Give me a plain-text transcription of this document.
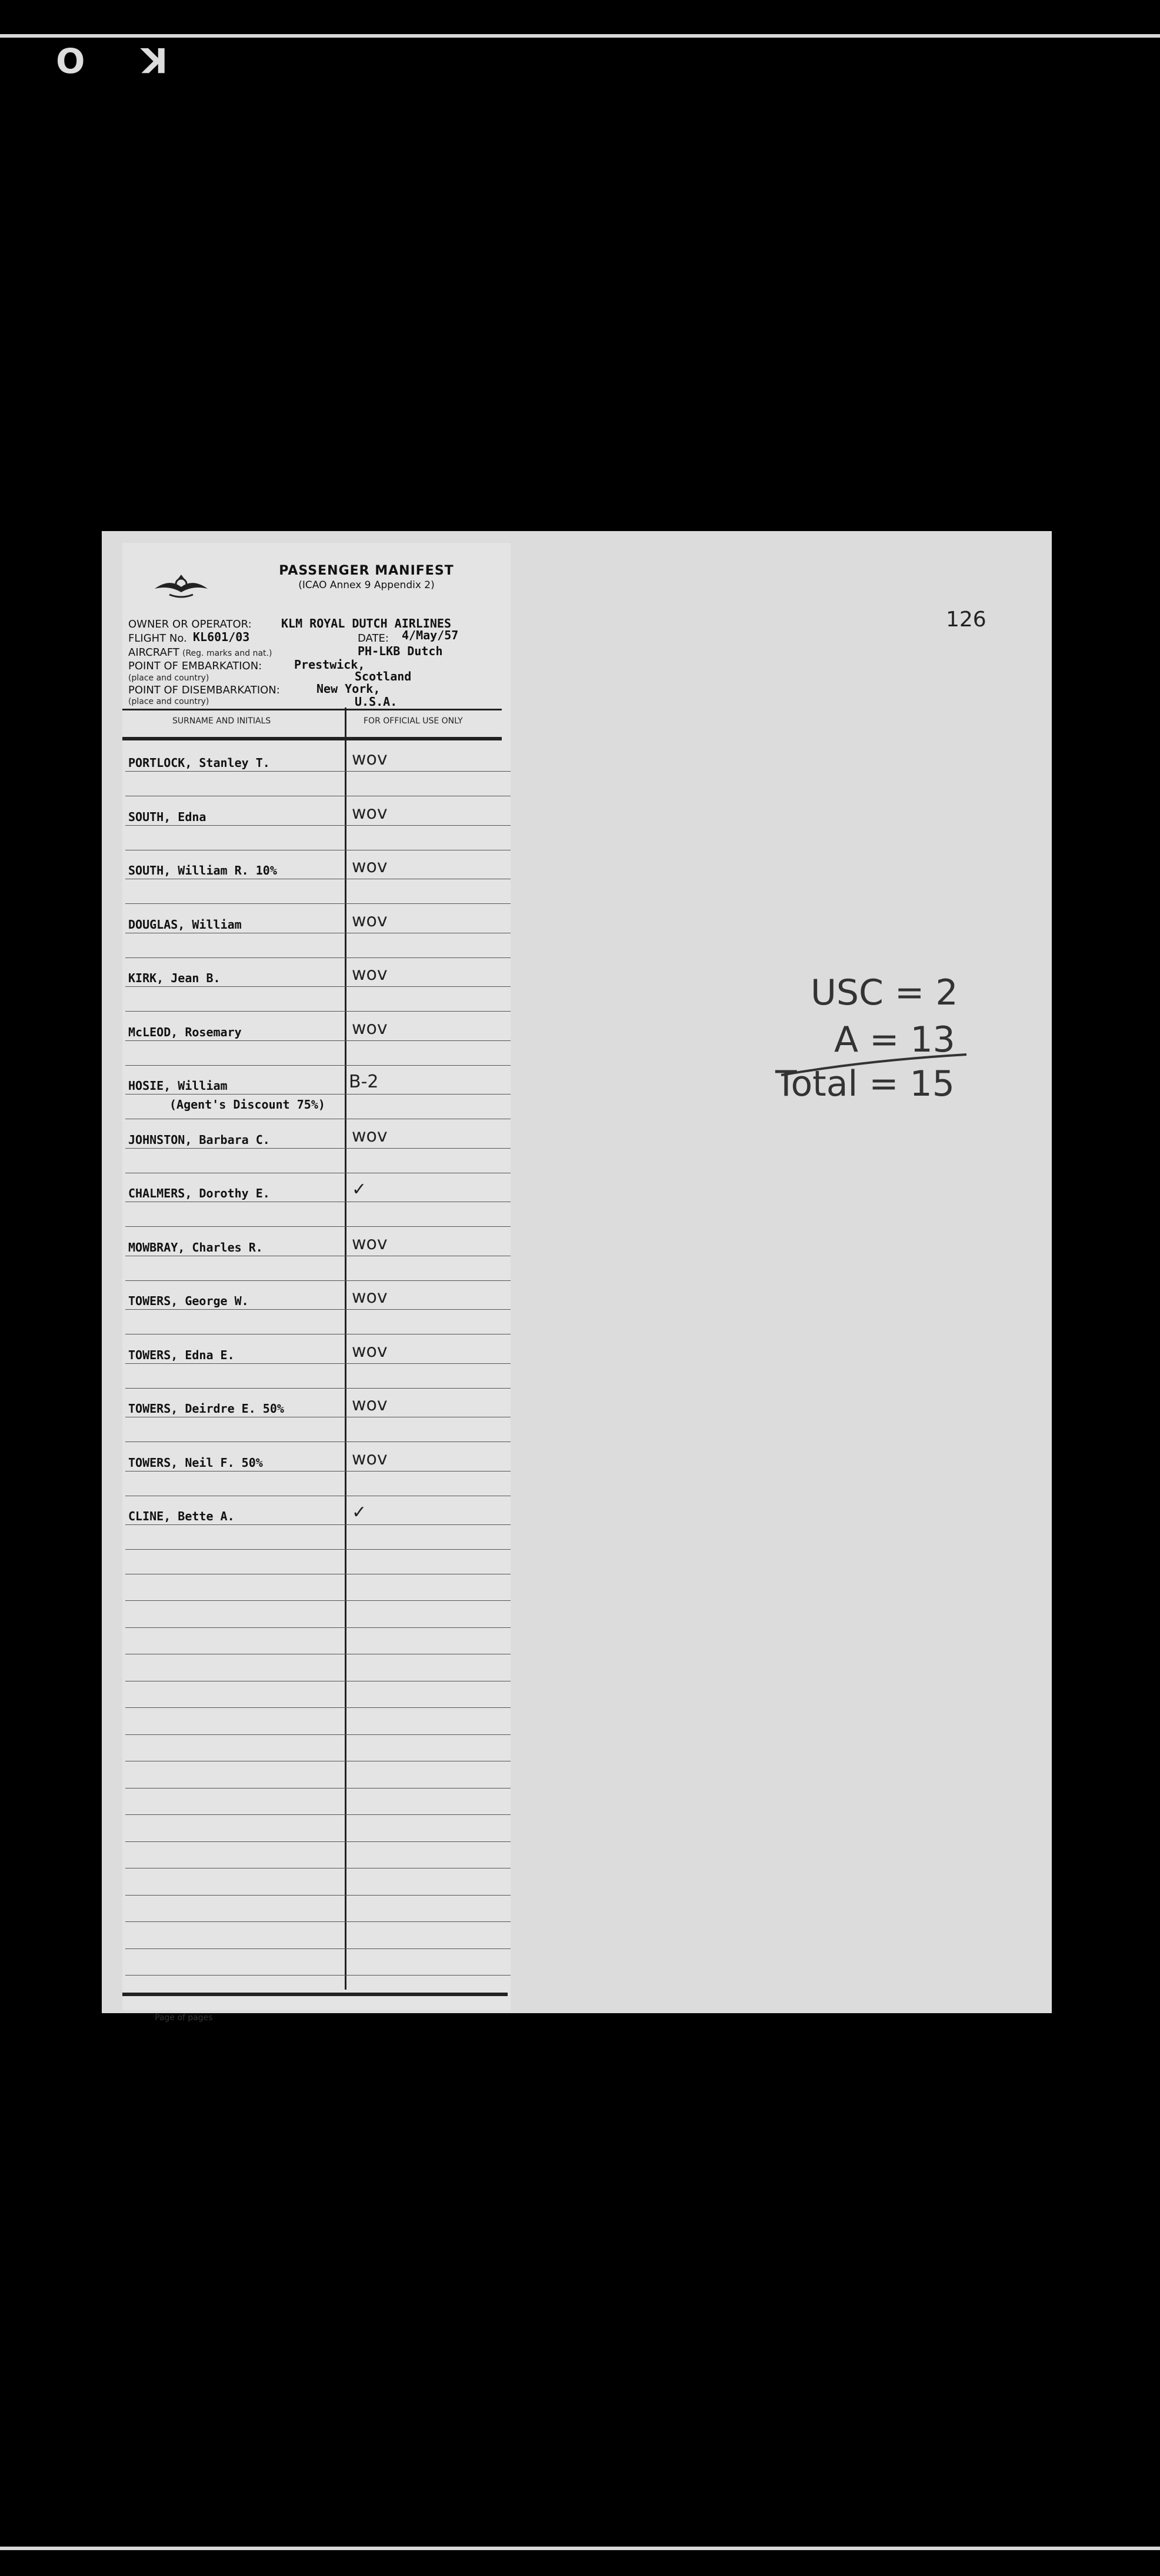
O K
PASSENGER MANIFEST
(ICAO Annex 9 Appendix 2)
OWNER OR OPERATOR:	KLM ROYAL DUTCH AIRLINES
FLIGHT No. KL601/03	DATE: 4/May/57
AIRCRAFT (Reg. marks and nat.)	PH-LKB Dutch
POINT OF EMBARKATION:	Prestwick,
(place and country)	Scotland
POINT OF DISEMBARKATION:	New York,
(place and country)	U.S.A.
SURNAME AND INITIALS	FOR OFFICIAL USE ONLY
PORTLOCK, Stanley T.	wov
SOUTH, Edna	wov
SOUTH, William R. 10%	wov
DOUGLAS, William	wov
KIRK, Jean B.	wov
McLEOD, Rosemary	wov
HOSIE, William	B-2
(Agent's Discount 75%)
JOHNSTON, Barbara C.	wov
CHALMERS, Dorothy E.	✓
MOWBRAY, Charles R.	wov
TOWERS, George W.	wov
TOWERS, Edna E.	wov
TOWERS, Deirdre E. 50%	wov
TOWERS, Neil F. 50%	wov
CLINE, Bette A.	✓
Page of pages
126
USC = 2
A = 13
Total = 15
